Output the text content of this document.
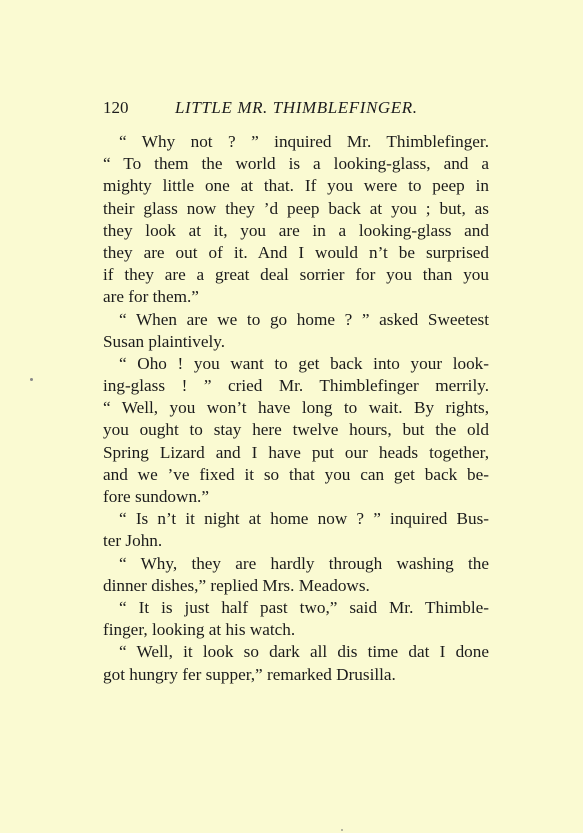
120	LITTLE MR. THIMBLEFINGER.
“ Why not ? ” inquired Mr. Thimblefinger.
“ To them the world is a looking-glass, and a
mighty little one at that. If you were to peep in
their glass now they ’d peep back at you ; but, as
they look at it, you are in a looking-glass and
they are out of it. And I would n’t be surprised
if they are a great deal sorrier for you than you
are for them.”
“ When are we to go home ? ” asked Sweetest
Susan plaintively.
“ Oho ! you want to get back into your look-
ing-glass ! ” cried Mr. Thimblefinger merrily.
“ Well, you won’t have long to wait. By rights,
you ought to stay here twelve hours, but the old
Spring Lizard and I have put our heads together,
and we ’ve fixed it so that you can get back be-
fore sundown.”
“ Is n’t it night at home now ? ” inquired Bus-
ter John.
“ Why, they are hardly through washing the
dinner dishes,” replied Mrs. Meadows.
“ It is just half past two,” said Mr. Thimble-
finger, looking at his watch.
“ Well, it look so dark all dis time dat I done
got hungry fer supper,” remarked Drusilla.
